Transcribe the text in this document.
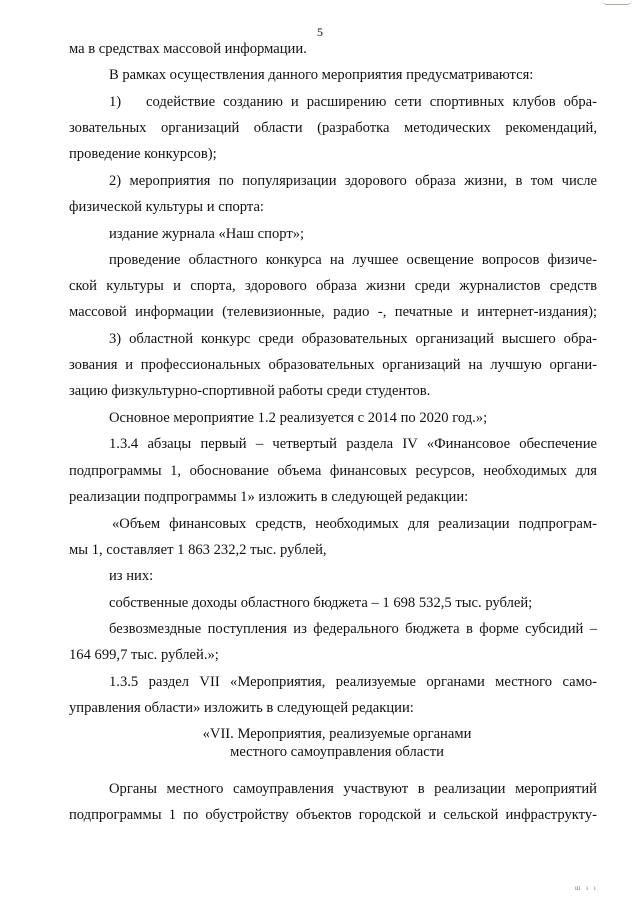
5
ма в средствах массовой информации.
В рамках осуществления данного мероприятия предусматриваются:
1) содействие созданию и расширению сети спортивных клубов обра-
зовательных организаций области (разработка методических рекомендаций,
проведение конкурсов);
2) мероприятия по популяризации здорового образа жизни, в том числе
физической культуры и спорта:
издание журнала «Наш спорт»;
проведение областного конкурса на лучшее освещение вопросов физиче-
ской культуры и спорта, здорового образа жизни среди журналистов средств
массовой информации (телевизионные, радио -, печатные и интернет-издания);
3) областной конкурс среди образовательных организаций высшего обра-
зования и профессиональных образовательных организаций на лучшую органи-
зацию физкультурно-спортивной работы среди студентов.
Основное мероприятие 1.2 реализуется с 2014 по 2020 год.»;
1.3.4 абзацы первый – четвертый раздела IV «Финансовое обеспечение
подпрограммы 1, обоснование объема финансовых ресурсов, необходимых для
реализации подпрограммы 1» изложить в следующей редакции:
«Объем финансовых средств, необходимых для реализации подпрограм-
мы 1, составляет 1 863 232,2 тыс. рублей,
из них:
собственные доходы областного бюджета – 1 698 532,5 тыс. рублей;
безвозмездные поступления из федерального бюджета в форме субсидий –
164 699,7 тыс. рублей.»;
1.3.5 раздел VII «Мероприятия, реализуемые органами местного само-
управления области» изложить в следующей редакции:
«VII. Мероприятия, реализуемые органами
местного самоуправления области
Органы местного самоуправления участвуют в реализации мероприятий
подпрограммы 1 по обустройству объектов городской и сельской инфраструкту-
ш ı ı
